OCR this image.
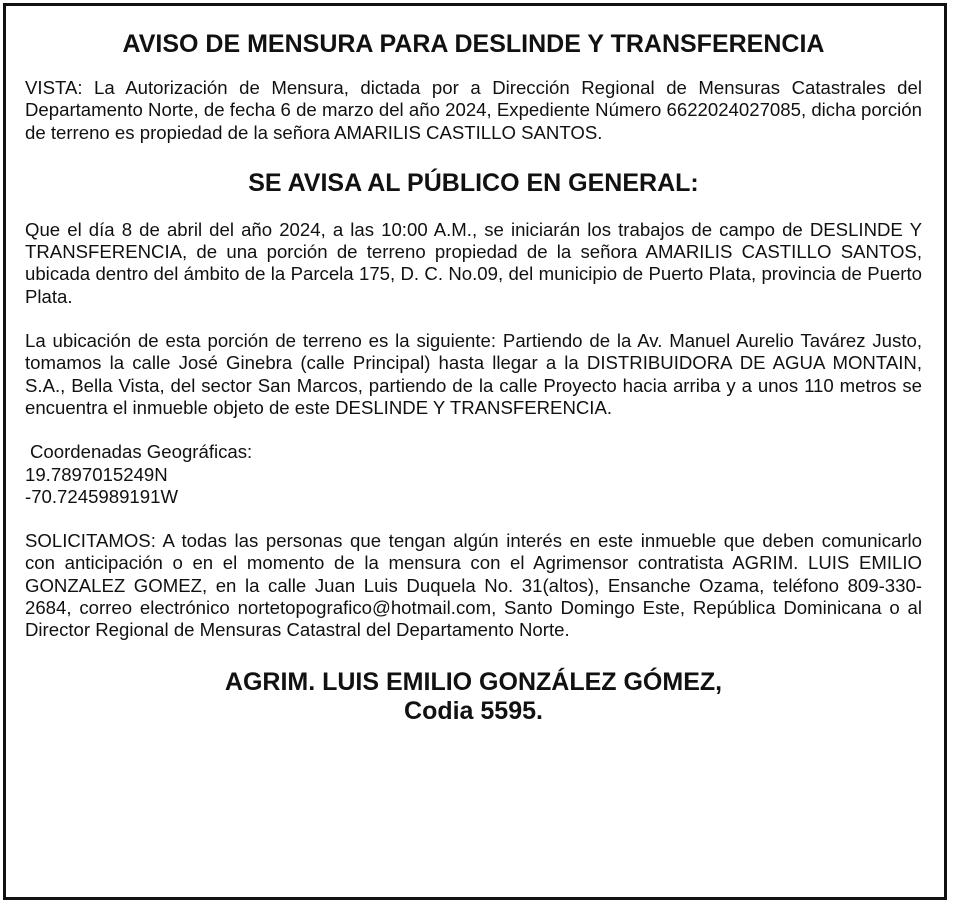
AVISO DE MENSURA PARA DESLINDE Y TRANSFERENCIA

VISTA: La Autorización de Mensura, dictada por a Dirección Regional de Mensuras Catastrales del Departamento Norte, de fecha 6 de marzo del año 2024, Expediente Número 6622024027085, dicha porción de terreno es propiedad de la señora AMARILIS CASTILLO SANTOS.

SE AVISA AL PÚBLICO EN GENERAL:

Que el día 8 de abril del año 2024, a las 10:00 A.M., se iniciarán los trabajos de campo de DESLINDE Y TRANSFERENCIA, de una porción de terreno propiedad de la señora AMARILIS CASTILLO SANTOS, ubicada dentro del ámbito de la Parcela 175, D. C. No.09, del municipio de Puerto Plata, provincia de Puerto Plata.

La ubicación de esta porción de terreno es la siguiente: Partiendo de la Av. Manuel Aurelio Tavárez Justo, tomamos la calle José Ginebra (calle Principal) hasta llegar a la DISTRIBUIDORA DE AGUA MONTAIN, S.A., Bella Vista, del sector San Marcos, partiendo de la calle Proyecto hacia arriba y a unos 110 metros se encuentra el inmueble objeto de este DESLINDE Y TRANSFERENCIA.

Coordenadas Geográficas:
19.7897015249N
-70.7245989191W

SOLICITAMOS: A todas las personas que tengan algún interés en este inmueble que deben comunicarlo con anticipación o en el momento de la mensura con el Agrimensor contratista AGRIM. LUIS EMILIO GONZALEZ GOMEZ, en la calle Juan Luis Duquela No. 31(altos), Ensanche Ozama, teléfono 809-330-2684, correo electrónico nortetopografico@hotmail.com, Santo Domingo Este, República Dominicana o al Director Regional de Mensuras Catastral del Departamento Norte.

AGRIM. LUIS EMILIO GONZÁLEZ GÓMEZ,
Codia 5595.
